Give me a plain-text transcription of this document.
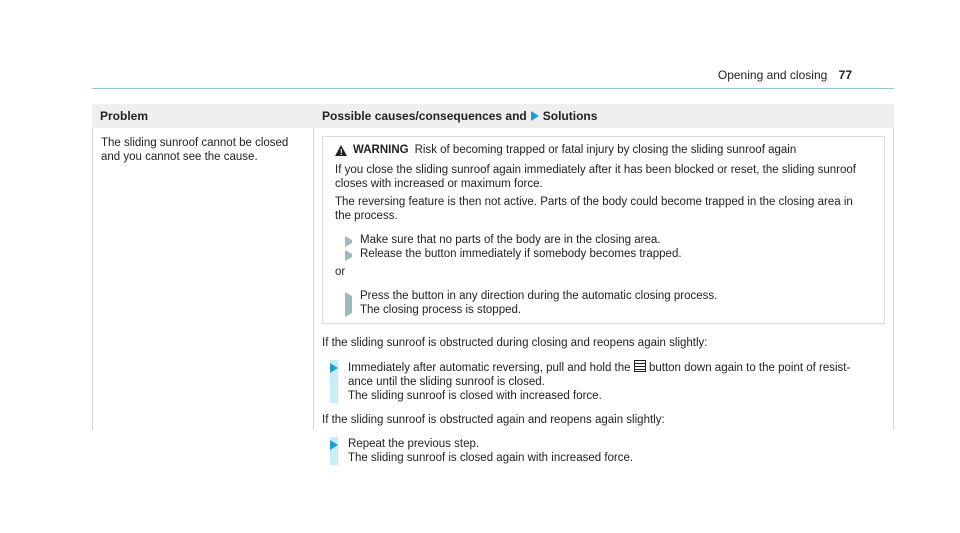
Opening and closing 77
Problem	Possible causes/consequences and Solutions
The sliding sunroof cannot be closed
and you cannot see the cause.	! WARNING Risk of becoming trapped or fatal injury by closing the sliding sunroof again
If you close the sliding sunroof again immediately after it has been blocked or reset, the sliding sunroof
closes with increased or maximum force.
The reversing feature is then not active. Parts of the body could become trapped in the closing area in
the process.
Make sure that no parts of the body are in the closing area.
Release the button immediately if somebody becomes trapped.
or
Press the button in any direction during the automatic closing process.
The closing process is stopped.
If the sliding sunroof is obstructed during closing and reopens again slightly:
Immediately after automatic reversing, pull and hold the button down again to the point of resist-
ance until the sliding sunroof is closed.
The sliding sunroof is closed with increased force.
If the sliding sunroof is obstructed again and reopens again slightly:
Repeat the previous step.
The sliding sunroof is closed again with increased force.
